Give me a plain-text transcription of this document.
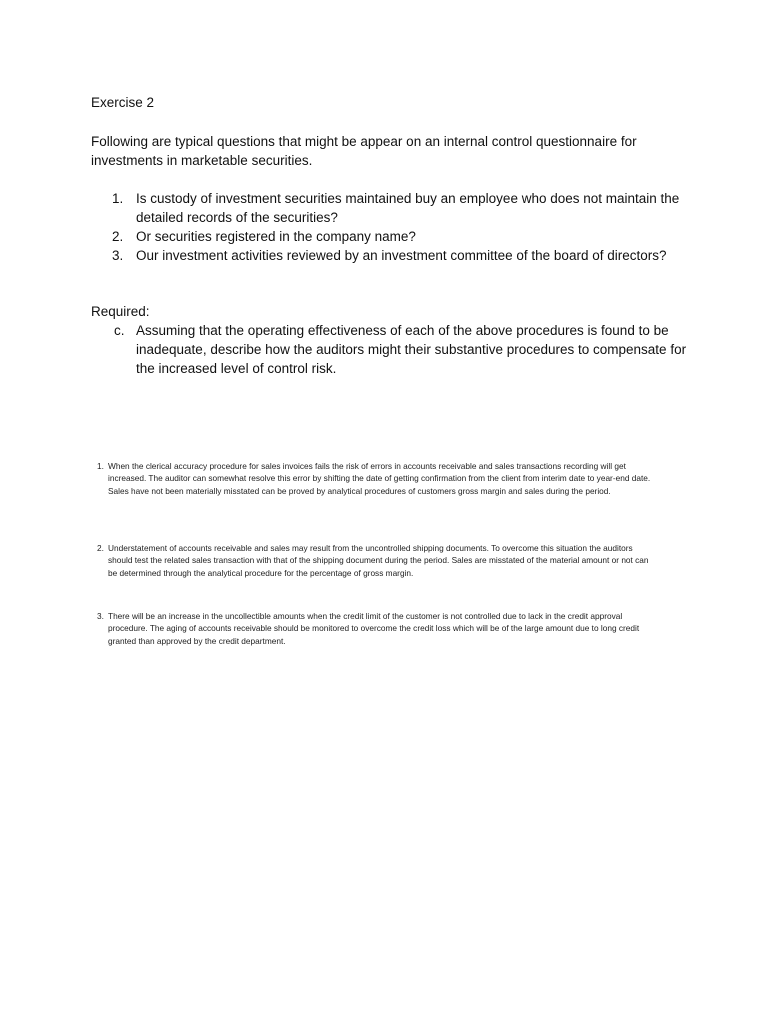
Exercise 2
Following are typical questions that might be appear on an internal control questionnaire for investments in marketable securities.
1. Is custody of investment securities maintained buy an employee who does not maintain the detailed records of the securities?
2. Or securities registered in the company name?
3. Our investment activities reviewed by an investment committee of the board of directors?
Required:
c. Assuming that the operating effectiveness of each of the above procedures is found to be inadequate, describe how the auditors might their substantive procedures to compensate for the increased level of control risk.
1. When the clerical accuracy procedure for sales invoices fails the risk of errors in accounts receivable and sales transactions recording will get increased. The auditor can somewhat resolve this error by shifting the date of getting confirmation from the client from interim date to year-end date. Sales have not been materially misstated can be proved by analytical procedures of customers gross margin and sales during the period.
2. Understatement of accounts receivable and sales may result from the uncontrolled shipping documents. To overcome this situation the auditors should test the related sales transaction with that of the shipping document during the period. Sales are misstated of the material amount or not can be determined through the analytical procedure for the percentage of gross margin.
3. There will be an increase in the uncollectible amounts when the credit limit of the customer is not controlled due to lack in the credit approval procedure. The aging of accounts receivable should be monitored to overcome the credit loss which will be of the large amount due to long credit granted than approved by the credit department.
